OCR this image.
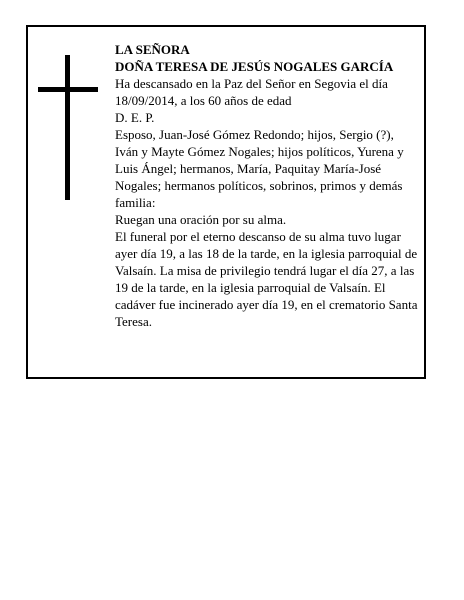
LA SEÑORA

DOÑA TERESA DE JESÚS NOGALES GARCÍA

Ha descansado en la Paz del Señor en Segovia el día 18/09/2014, a los 60 años de edad

D. E. P.

Esposo, Juan-José Gómez Redondo; hijos, Sergio (?), Iván y Mayte Gómez Nogales; hijos políticos, Yurena y Luis Ángel; hermanos, María, Paquitay María-José Nogales; hermanos políticos, sobrinos, primos y demás familia:

Ruegan una oración por su alma.

El funeral por el eterno descanso de su alma tuvo lugar ayer día 19, a las 18 de la tarde, en la iglesia parroquial de Valsaín. La misa de privilegio tendrá lugar el día 27, a las 19 de la tarde, en la iglesia parroquial de Valsaín. El cadáver fue incinerado ayer día 19, en el crematorio Santa Teresa.
